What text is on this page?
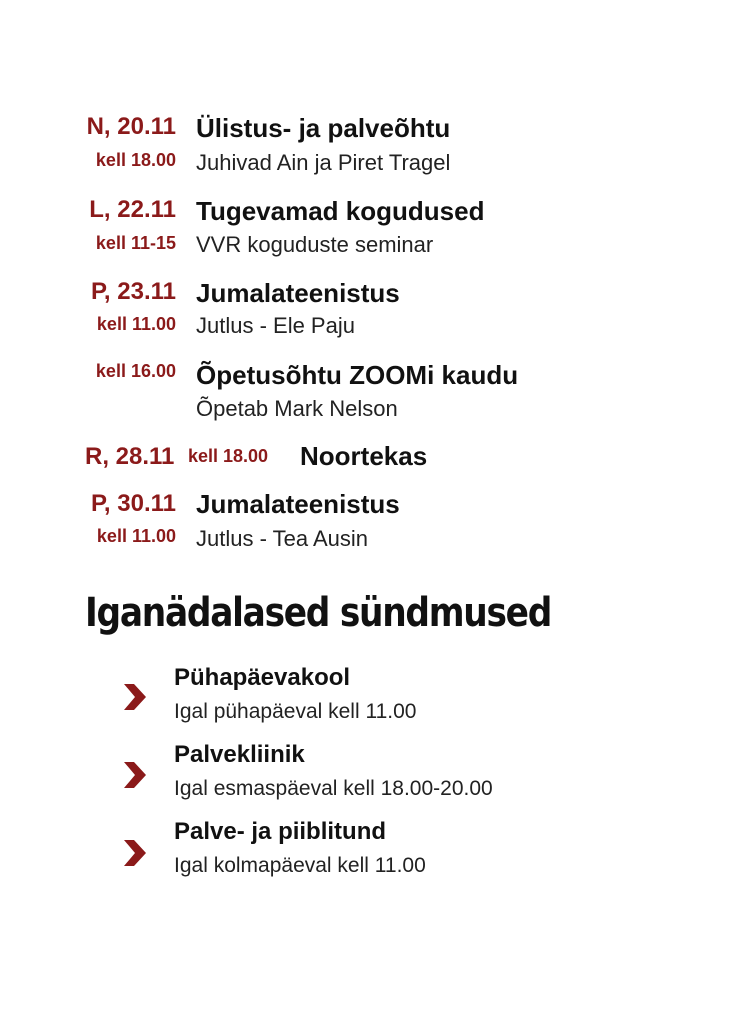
N, 20.11
kell 18.00
Ülistus- ja palveõhtu
Juhivad Ain ja Piret Tragel
L, 22.11
kell 11-15
Tugevamad kogudused
VVR koguduste seminar
P, 23.11
kell 11.00
Jumalateenistus
Jutlus - Ele Paju
kell 16.00 Õpetusõhtu ZOOMi kaudu
Õpetab Mark Nelson
R, 28.11 kell 18.00 Noortekas
P, 30.11
kell 11.00
Jumalateenistus
Jutlus - Tea Ausin
Iganädalased sündmused
Pühapäevakool
Igal pühapäeval kell 11.00
Palvekliinik
Igal esmaspäeval kell 18.00-20.00
Palve- ja piiblitund
Igal kolmapäeval kell 11.00
